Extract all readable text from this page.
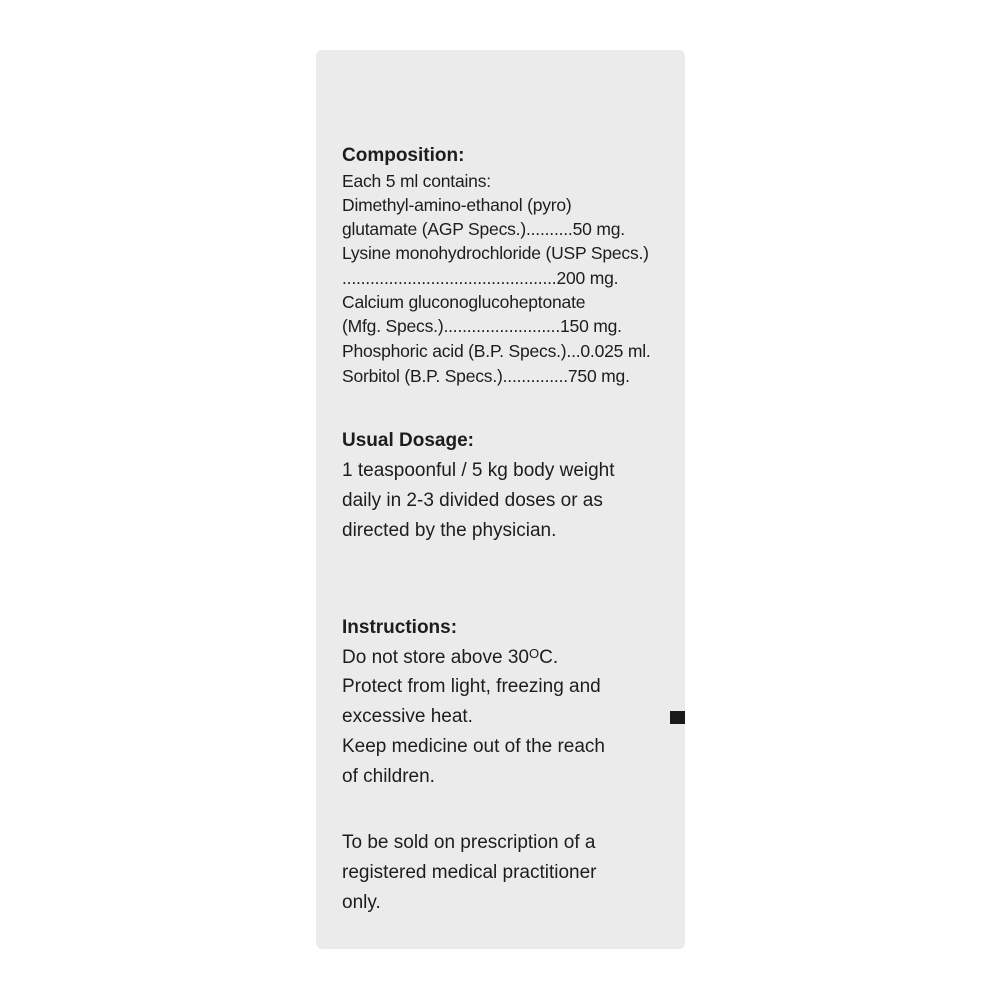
Composition:
Each 5 ml contains:
Dimethyl-amino-ethanol (pyro)
glutamate (AGP Specs.)..........50 mg.
Lysine monohydrochloride (USP Specs.)
..............................................200 mg.
Calcium gluconoglucoheptonate
(Mfg. Specs.).........................150 mg.
Phosphoric acid (B.P. Specs.)...0.025 ml.
Sorbitol (B.P. Specs.)..............750 mg.
Usual Dosage:
1 teaspoonful / 5 kg body weight
daily in 2-3 divided doses or as
directed by the physician.
Instructions:
Do not store above $30^OC$.
Protect from light, freezing and
excessive heat.
Keep medicine out of the reach
of children.
To be sold on prescription of a
registered medical practitioner
only.
